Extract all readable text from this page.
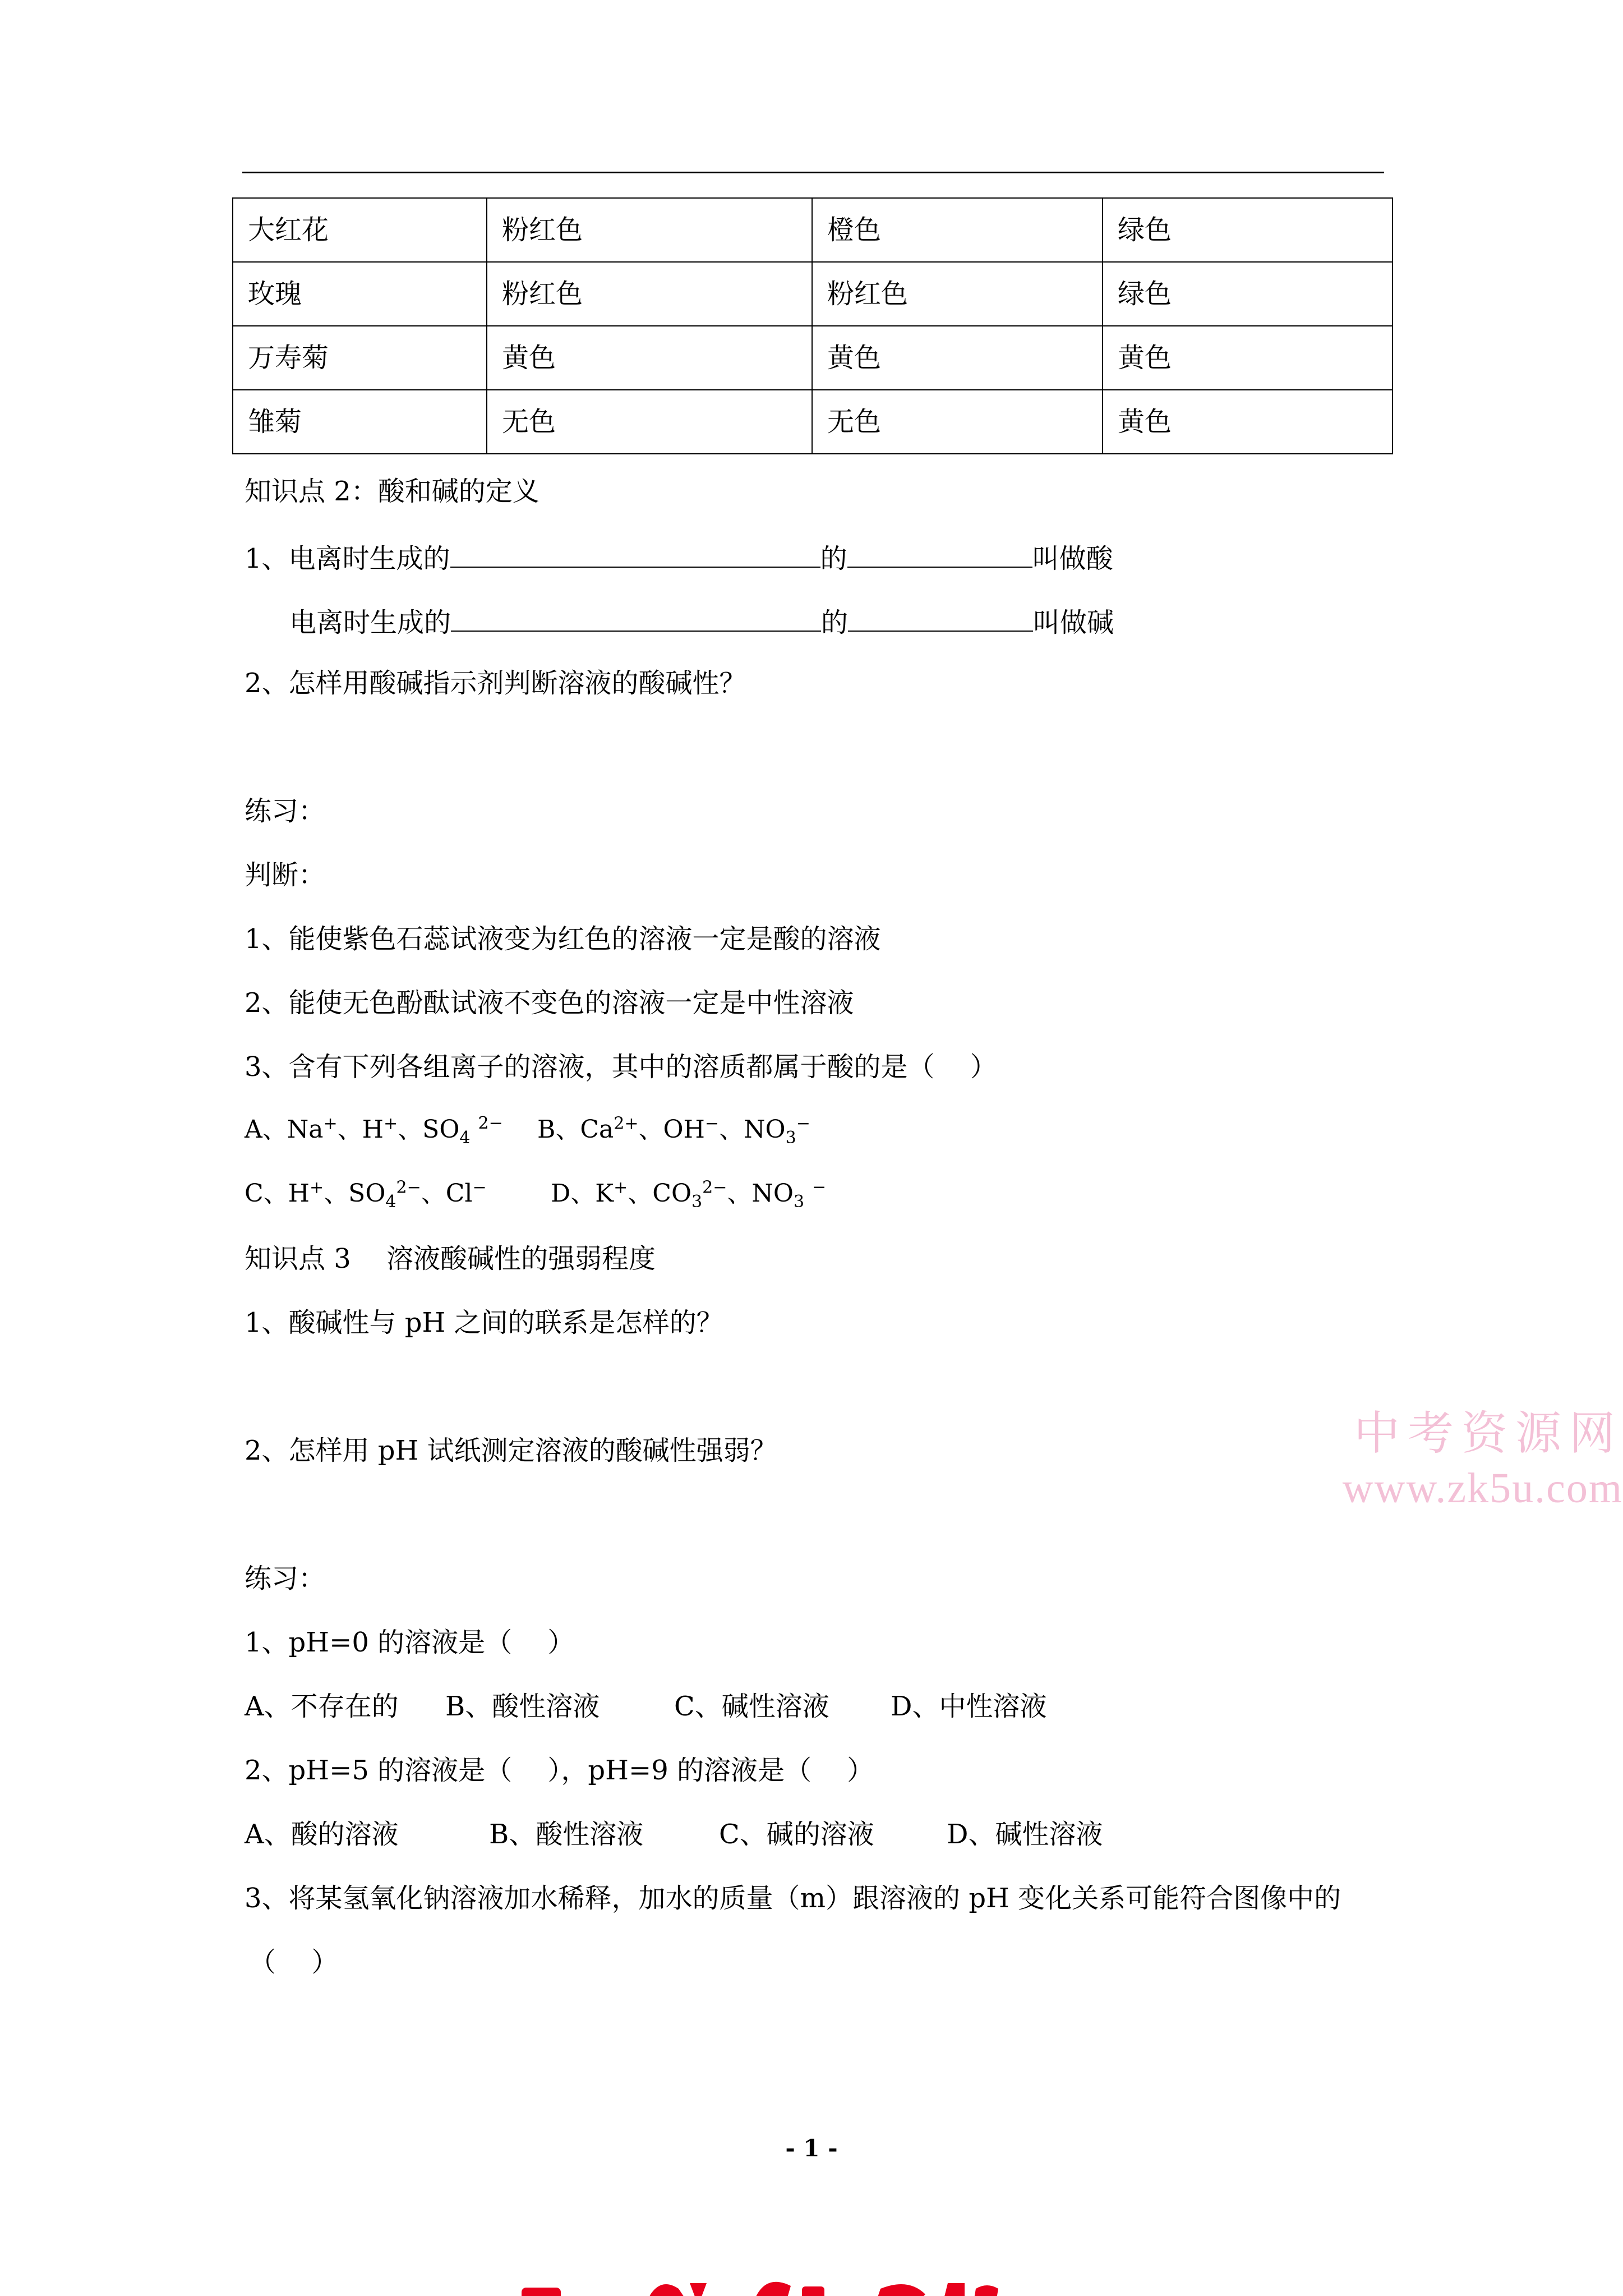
大红花	粉红色	橙色	绿色
玫瑰	粉红色	粉红色	绿色
万寿菊	黄色	黄色	黄色
雏菊	无色	无色	黄色
知识点 2：酸和碱的定义
1、电离时生成的	的	叫做酸
电离时生成的	的	叫做碱
2、怎样用酸碱指示剂判断溶液的酸碱性？
练习：
判断：
1、能使紫色石蕊试液变为红色的溶液一定是酸的溶液
2、能使无色酚酞试液不变色的溶液一定是中性溶液
3、含有下列各组离子的溶液，其中的溶质都属于酸的是（　 ）
A、Na+、H+、$SO_4^{2-}$ B、$Ca^{2+}$、OH−、$NO_3^-$
C、H+、$SO_4^{2-}$、Cl−	D、K+、$CO_3^{2-}$、$NO_3^-$
知识点 3　 溶液酸碱性的强弱程度
1、酸碱性与 pH 之间的联系是怎样的？
2、怎样用 pH 试纸测定溶液的酸碱性强弱？
练习：
1、pH=0 的溶液是（　 ）
A、不存在的 B、酸性溶液	C、碱性溶液 D、中性溶液
2、pH=5 的溶液是（　 ），pH=9 的溶液是（　 ）
A、酸的溶液	B、酸性溶液	C、碱的溶液	D、碱性溶液
3、将某氢氧化钠溶液加水稀释，加水的质量（m）跟溶液的 pH 变化关系可能符合图像中的
（　 ）
中考资源网
www.zk5u.com
- 1 -
